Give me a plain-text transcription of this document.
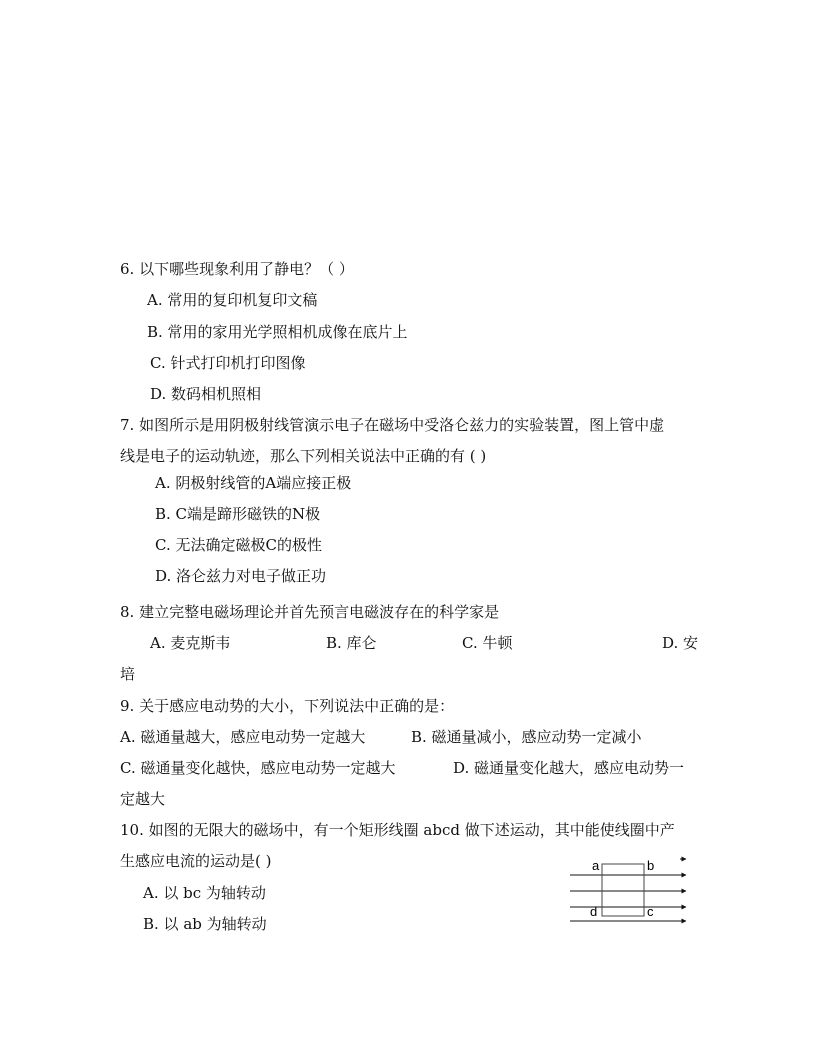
6. 以下哪些现象利用了静电？（ ）
A. 常用的复印机复印文稿
B. 常用的家用光学照相机成像在底片上
C. 针式打印机打印图像
D. 数码相机照相
7. 如图所示是用阴极射线管演示电子在磁场中受洛仑兹力的实验装置，图上管中虚
线是电子的运动轨迹，那么下列相关说法中正确的有 ( )
A. 阴极射线管的A端应接正极
B. C端是蹄形磁铁的N极
C. 无法确定磁极C的极性
D. 洛仑兹力对电子做正功
8. 建立完整电磁场理论并首先预言电磁波存在的科学家是
A. 麦克斯韦	B. 库仑	C. 牛顿	D. 安
培
9. 关于感应电动势的大小，下列说法中正确的是：
A. 磁通量越大，感应电动势一定越大	B. 磁通量减小，感应动势一定减小
C. 磁通量变化越快，感应电动势一定越大	D. 磁通量变化越大，感应电动势一
定越大
10. 如图的无限大的磁场中，有一个矩形线圈 abcd 做下述运动，其中能使线圈中产
生感应电流的运动是( )
A. 以 bc 为轴转动
B. 以 ab 为轴转动
a	b
c
d
